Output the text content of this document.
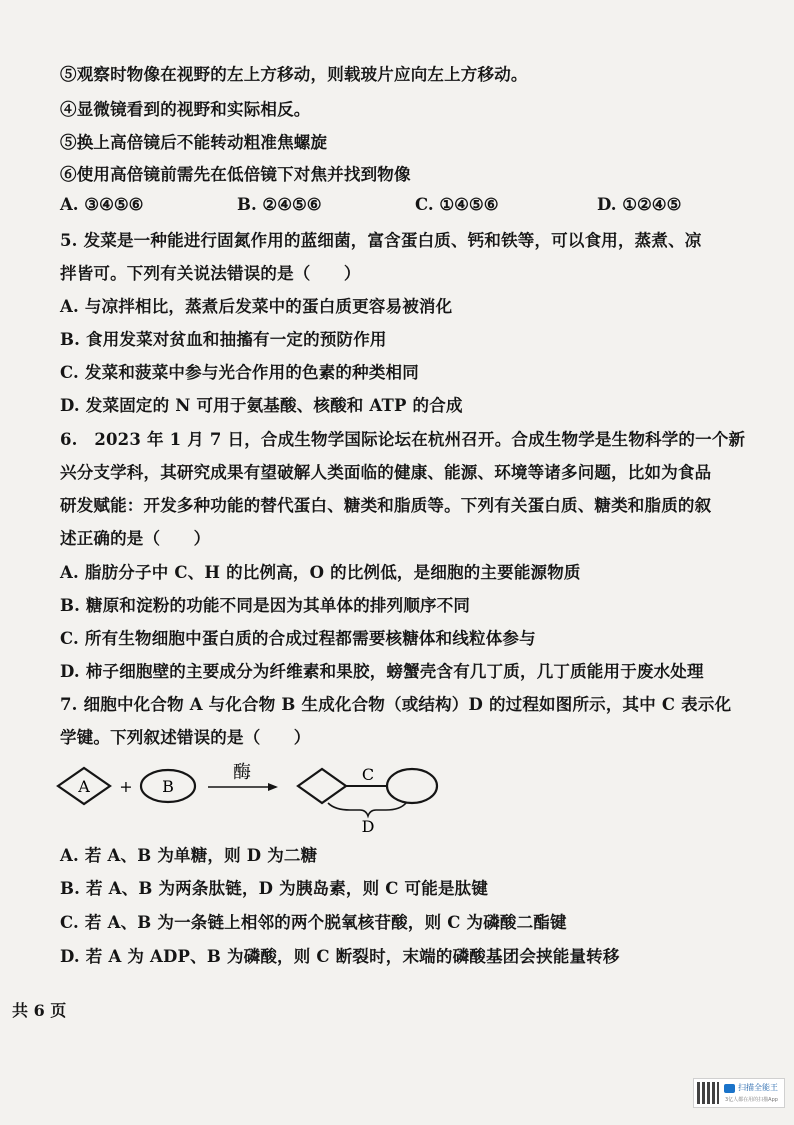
⑤观察时物像在视野的左上方移动，则载玻片应向左上方移动。
④显微镜看到的视野和实际相反。
⑤换上高倍镜后不能转动粗准焦螺旋
⑥使用高倍镜前需先在低倍镜下对焦并找到物像
A. ③④⑤⑥	B. ②④⑤⑥	C. ①④⑤⑥	D. ①②④⑤
5. 发菜是一种能进行固氮作用的蓝细菌，富含蛋白质、钙和铁等，可以食用，蒸煮、凉
拌皆可。下列有关说法错误的是（　　）
A. 与凉拌相比，蒸煮后发菜中的蛋白质更容易被消化
B. 食用发菜对贫血和抽搐有一定的预防作用
C. 发菜和菠菜中参与光合作用的色素的种类相同
D. 发菜固定的 N 可用于氨基酸、核酸和 ATP 的合成
6.　2023 年 1 月 7 日，合成生物学国际论坛在杭州召开。合成生物学是生物科学的一个新
兴分支学科，其研究成果有望破解人类面临的健康、能源、环境等诸多问题，比如为食品
研发赋能：开发多种功能的替代蛋白、糖类和脂质等。下列有关蛋白质、糖类和脂质的叙
述正确的是（　　）
A. 脂肪分子中 C、H 的比例高，O 的比例低，是细胞的主要能源物质
B. 糖原和淀粉的功能不同是因为其单体的排列顺序不同
C. 所有生物细胞中蛋白质的合成过程都需要核糖体和线粒体参与
D. 柿子细胞壁的主要成分为纤维素和果胶，螃蟹壳含有几丁质，几丁质能用于废水处理
7. 细胞中化合物 A 与化合物 B 生成化合物（或结构）D 的过程如图所示，其中 C 表示化
学键。下列叙述错误的是（　　）
A + B
酶	C
D
A. 若 A、B 为单糖，则 D 为二糖
B. 若 A、B 为两条肽链，D 为胰岛素，则 C 可能是肽键
C. 若 A、B 为一条链上相邻的两个脱氧核苷酸，则 C 为磷酸二酯键
D. 若 A 为 ADP、B 为磷酸，则 C 断裂时，末端的磷酸基团会挟能量转移
共 6 页
扫描全能王
3亿人都在用的扫描App
